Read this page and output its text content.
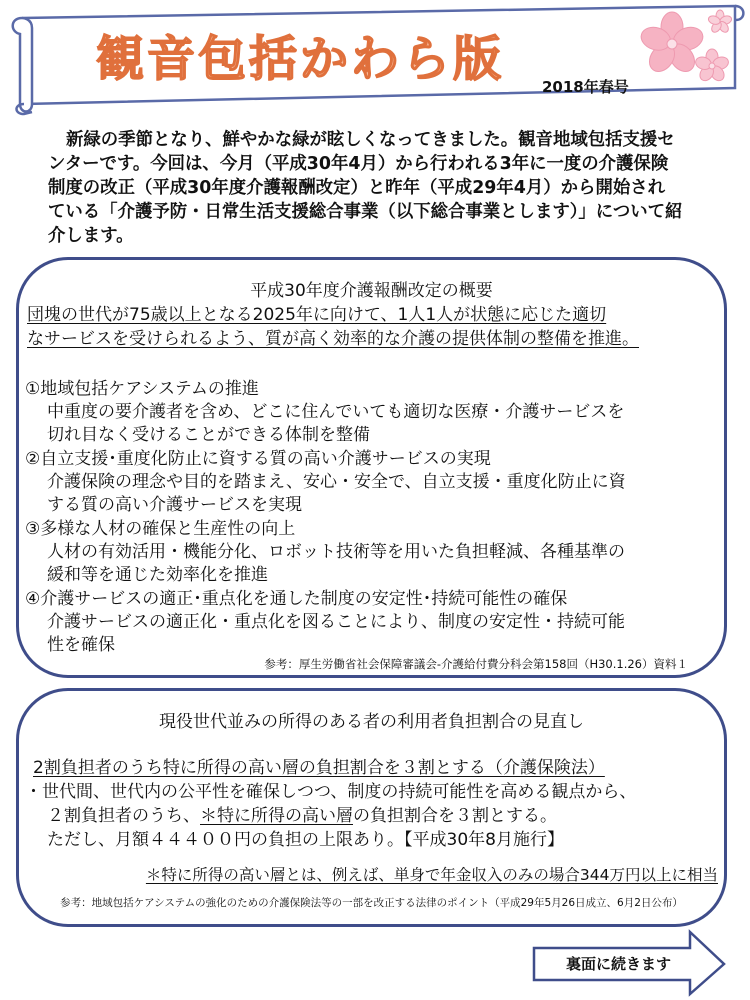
観音包括かわら版	2018年春号
新緑の季節となり、鮮やかな緑が眩しくなってきました。観音地域包括支援セ
ンターです。今回は、今月（平成30年4月）から行われる3年に一度の介護保険
制度の改正（平成30年度介護報酬改定）と昨年（平成29年4月）から開始され
ている「介護予防・日常生活支援総合事業（以下総合事業とします）」について紹
介します。
平成30年度介護報酬改定の概要
団塊の世代が75歳以上となる2025年に向けて、1人1人が状態に応じた適切
なサービスを受けられるよう、質が高く効率的な介護の提供体制の整備を推進。
①地域包括ケアシステムの推進
中重度の要介護者を含め、どこに住んでいても適切な医療・介護サービスを
切れ目なく受けることができる体制を整備
②自立支援･重度化防止に資する質の高い介護サービスの実現
介護保険の理念や目的を踏まえ、安心・安全で、自立支援・重度化防止に資
する質の高い介護サービスを実現
③多様な人材の確保と生産性の向上
人材の有効活用・機能分化、ロボット技術等を用いた負担軽減、各種基準の
緩和等を通じた効率化を推進
④介護サービスの適正･重点化を通した制度の安定性･持続可能性の確保
介護サービスの適正化・重点化を図ることにより、制度の安定性・持続可能
性を確保
参考：厚生労働省社会保障審議会-介護給付費分科会第158回（H30.1.26）資料１
現役世代並みの所得のある者の利用者負担割合の見直し
2割負担者のうち特に所得の高い層の負担割合を３割とする（介護保険法）
・世代間、世代内の公平性を確保しつつ、制度の持続可能性を高める観点から、
２割負担者のうち、＊特に所得の高い層の負担割合を３割とする。
ただし、月額４４４００円の負担の上限あり。【平成30年8月施行】
＊特に所得の高い層とは、例えば、単身で年金収入のみの場合344万円以上に相当
参考：地域包括ケアシステムの強化のための介護保険法等の一部を改正する法律のポイント（平成29年5月26日成立、6月2日公布）
裏面に続きます
